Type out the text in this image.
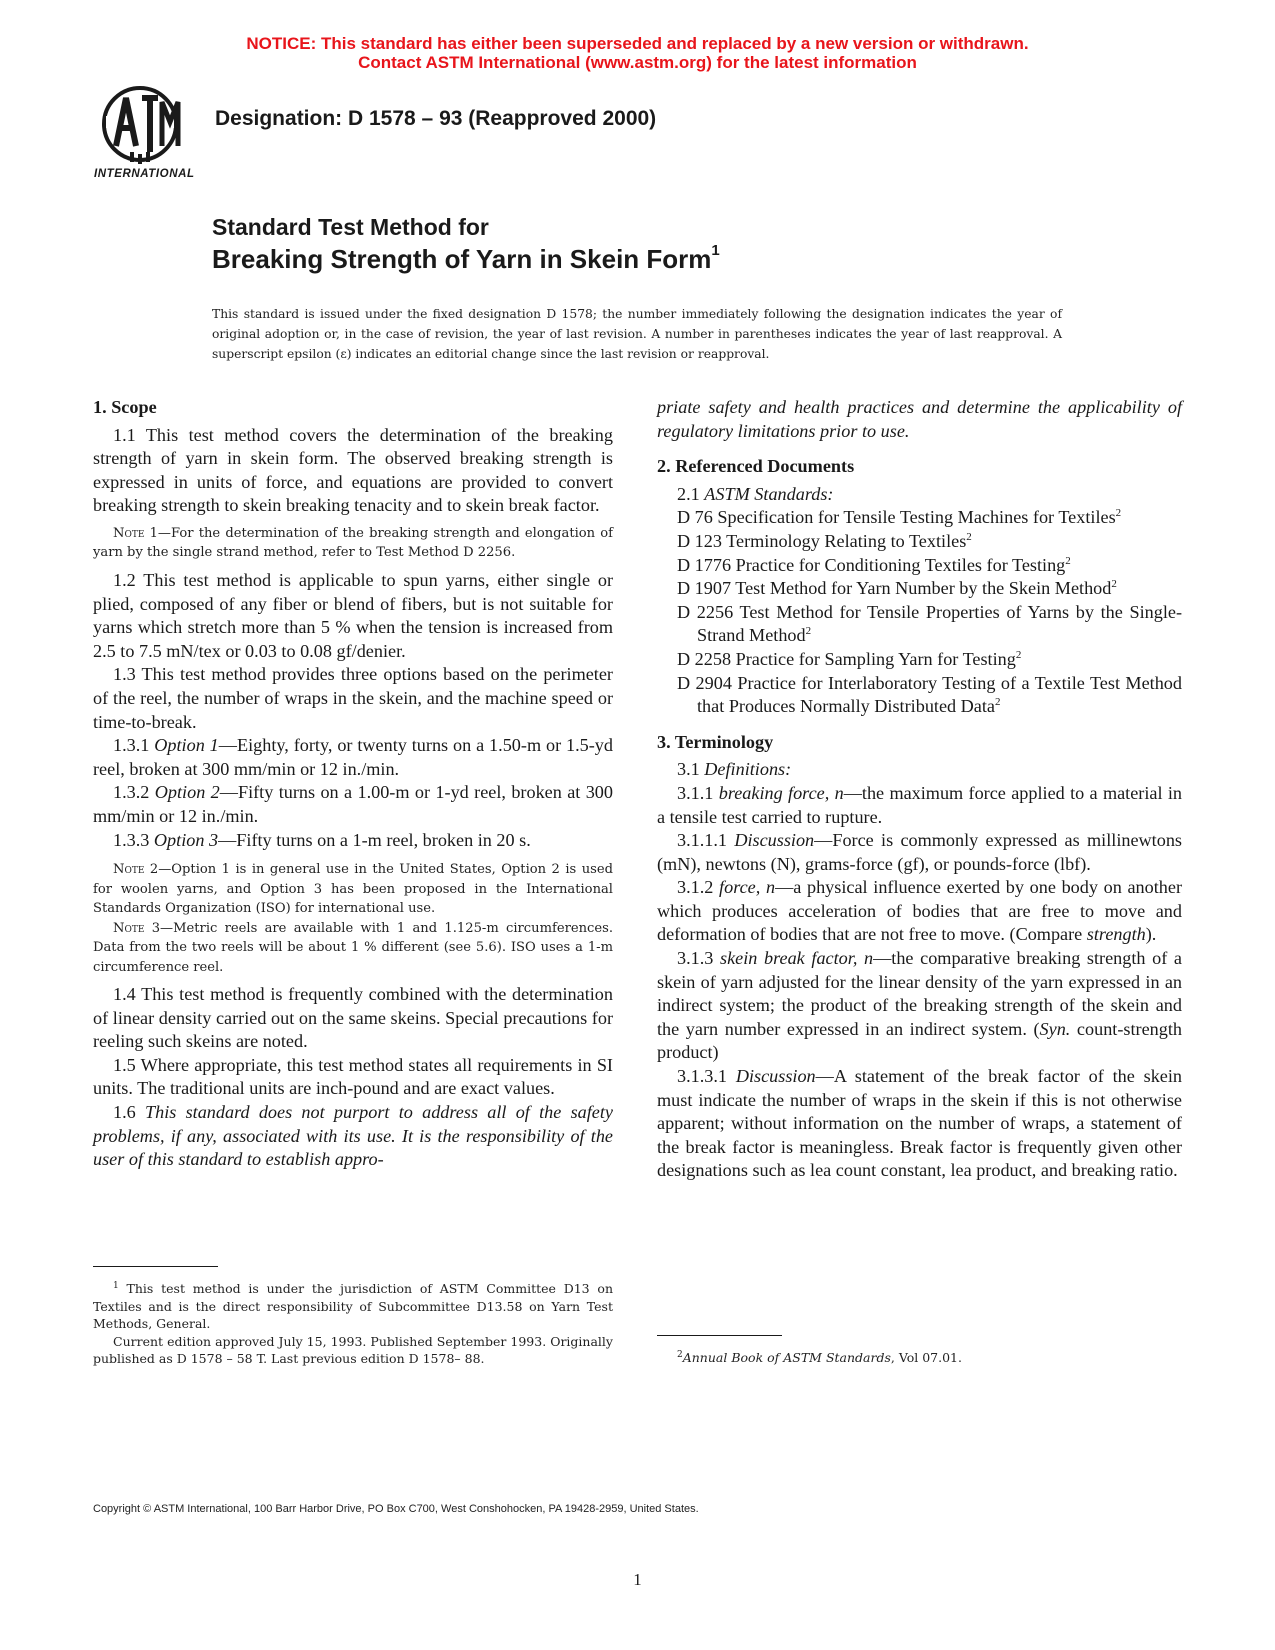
NOTICE: This standard has either been superseded and replaced by a new version or withdrawn.
Contact ASTM International (www.astm.org) for the latest information
INTERNATIONAL
Designation: D 1578 – 93 (Reapproved 2000)
Standard Test Method for
Breaking Strength of Yarn in Skein Form$^1$
This standard is issued under the fixed designation D 1578; the number immediately following the designation indicates the year of original adoption or, in the case of revision, the year of last revision. A number in parentheses indicates the year of last reapproval. A superscript epsilon (ε) indicates an editorial change since the last revision or reapproval.

1. Scope

1.1 This test method covers the determination of the breaking strength of yarn in skein form. The observed breaking strength is expressed in units of force, and equations are provided to convert breaking strength to skein breaking tenacity and to skein break factor.

Note 1—For the determination of the breaking strength and elongation of yarn by the single strand method, refer to Test Method D 2256.

1.2 This test method is applicable to spun yarns, either single or plied, composed of any fiber or blend of fibers, but is not suitable for yarns which stretch more than 5 % when the tension is increased from 2.5 to 7.5 mN/tex or 0.03 to 0.08 gf/denier.

1.3 This test method provides three options based on the perimeter of the reel, the number of wraps in the skein, and the machine speed or time-to-break.

1.3.1 Option 1—Eighty, forty, or twenty turns on a 1.50-m or 1.5-yd reel, broken at 300 mm/min or 12 in./min.

1.3.2 Option 2—Fifty turns on a 1.00-m or 1-yd reel, broken at 300 mm/min or 12 in./min.

1.3.3 Option 3—Fifty turns on a 1-m reel, broken in 20 s.

Note 2—Option 1 is in general use in the United States, Option 2 is used for woolen yarns, and Option 3 has been proposed in the International Standards Organization (ISO) for international use.

Note 3—Metric reels are available with 1 and 1.125-m circumferences. Data from the two reels will be about 1 % different (see 5.6). ISO uses a 1-m circumference reel.

1.4 This test method is frequently combined with the determination of linear density carried out on the same skeins. Special precautions for reeling such skeins are noted.

1.5 Where appropriate, this test method states all requirements in SI units. The traditional units are inch-pound and are exact values.

1.6 This standard does not purport to address all of the safety problems, if any, associated with its use. It is the responsibility of the user of this standard to establish appro-

$^1$ This test method is under the jurisdiction of ASTM Committee D13 on Textiles and is the direct responsibility of Subcommittee D13.58 on Yarn Test Methods, General.

Current edition approved July 15, 1993. Published September 1993. Originally published as D 1578 – 58 T. Last previous edition D 1578– 88.

priate safety and health practices and determine the applicability of regulatory limitations prior to use.

2. Referenced Documents

2.1 ASTM Standards:

D 76 Specification for Tensile Testing Machines for Textiles$^2$

D 123 Terminology Relating to Textiles$^2$

D 1776 Practice for Conditioning Textiles for Testing$^2$

D 1907 Test Method for Yarn Number by the Skein Method$^2$

D 2256 Test Method for Tensile Properties of Yarns by the Single-Strand Method$^2$

D 2258 Practice for Sampling Yarn for Testing$^2$

D 2904 Practice for Interlaboratory Testing of a Textile Test Method that Produces Normally Distributed Data$^2$

3. Terminology

3.1 Definitions:

3.1.1 breaking force, n—the maximum force applied to a material in a tensile test carried to rupture.

3.1.1.1 Discussion—Force is commonly expressed as millinewtons (mN), newtons (N), grams-force (gf), or pounds-force (lbf).

3.1.2 force, n—a physical influence exerted by one body on another which produces acceleration of bodies that are free to move and deformation of bodies that are not free to move. (Compare strength).

3.1.3 skein break factor, n—the comparative breaking strength of a skein of yarn adjusted for the linear density of the yarn expressed in an indirect system; the product of the breaking strength of the skein and the yarn number expressed in an indirect system. (Syn. count-strength product)

3.1.3.1 Discussion—A statement of the break factor of the skein must indicate the number of wraps in the skein if this is not otherwise apparent; without information on the number of wraps, a statement of the break factor is meaningless. Break factor is frequently given other designations such as lea count constant, lea product, and breaking ratio.

$^2$Annual Book of ASTM Standards, Vol 07.01.

Copyright © ASTM International, 100 Barr Harbor Drive, PO Box C700, West Conshohocken, PA 19428-2959, United States.
1
